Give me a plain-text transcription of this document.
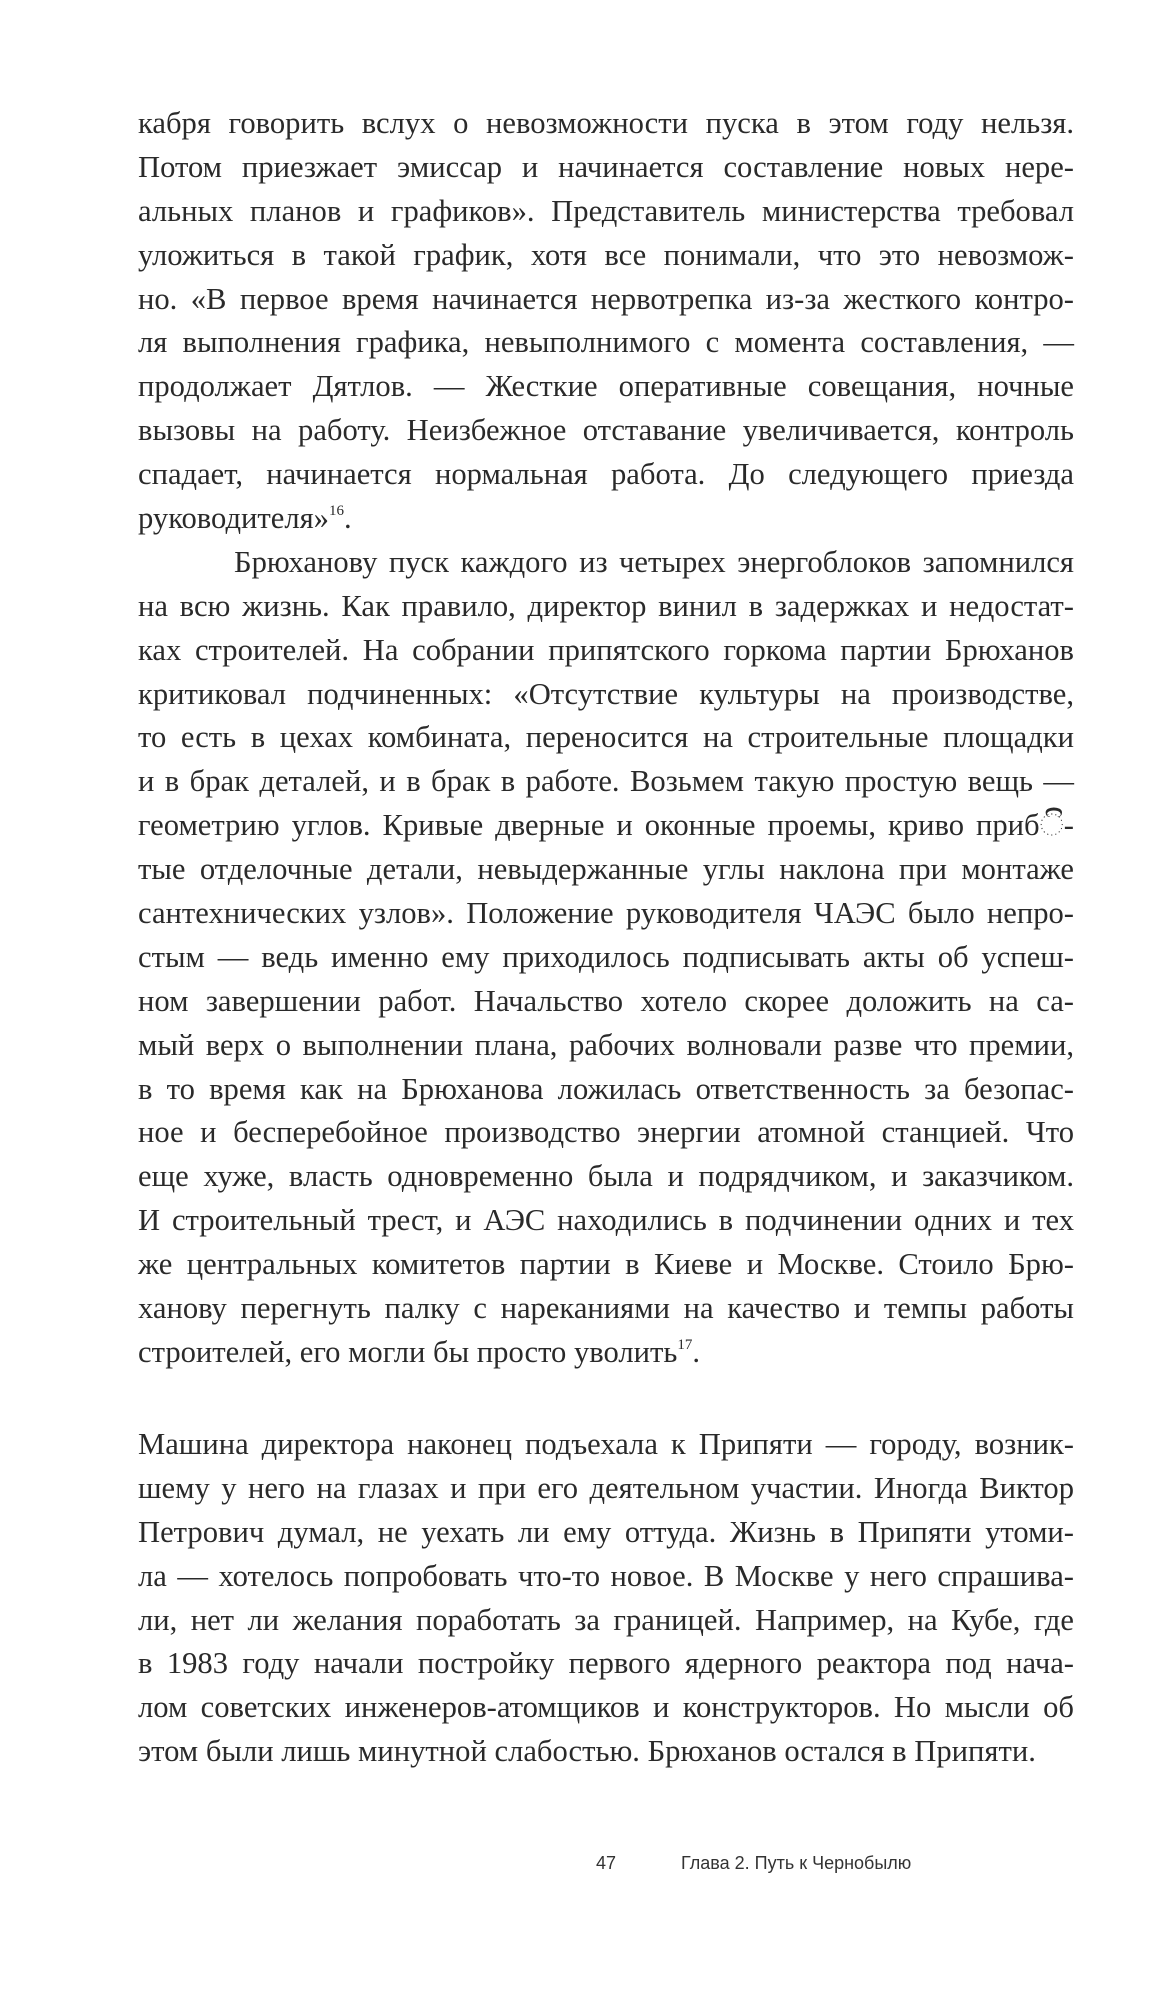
кабря говорить вслух о невозможности пуска в этом году нельзя.
Потом приезжает эмиссар и начинается составление новых нере-
альных планов и графиков». Представитель министерства требовал
уложиться в такой график, хотя все понимали, что это невозмож-
но. «В первое время начинается нервотрепка из-за жесткого контро-
ля выполнения графика, невыполнимого с момента составления, —
продолжает Дятлов. — Жесткие оперативные совещания, ночные
вызовы на работу. Неизбежное отставание увеличивается, контроль
спадает, начинается нормальная работа. До следующего приезда
руководителя»$^{16}$.
Брюханову пуск каждого из четырех энергоблоков запомнился
на всю жизнь. Как правило, директор винил в задержках и недостат-
ках строителей. На собрании припятского горкома партии Брюханов
критиковал подчиненных: «Отсутствие культуры на производстве,
то есть в цехах комбината, переносится на строительные площадки
и в брак деталей, и в брак в работе. Возьмем такую простую вещь —
геометрию углов. Кривые дверные и оконные проемы, криво прибි-
тые отделочные детали, невыдержанные углы наклона при монтаже
сантехнических узлов». Положение руководителя ЧАЭС было непро-
стым — ведь именно ему приходилось подписывать акты об успеш-
ном завершении работ. Начальство хотело скорее доложить на са-
мый верх о выполнении плана, рабочих волновали разве что премии,
в то время как на Брюханова ложилась ответственность за безопас-
ное и бесперебойное производство энергии атомной станцией. Что
еще хуже, власть одновременно была и подрядчиком, и заказчиком.
И строительный трест, и АЭС находились в подчинении одних и тех
же центральных комитетов партии в Киеве и Москве. Стоило Брю-
ханову перегнуть палку с нареканиями на качество и темпы работы
строителей, его могли бы просто уволить$^{17}$.
Машина директора наконец подъехала к Припяти — городу, возник-
шему у него на глазах и при его деятельном участии. Иногда Виктор
Петрович думал, не уехать ли ему оттуда. Жизнь в Припяти утоми-
ла — хотелось попробовать что-то новое. В Москве у него спрашива-
ли, нет ли желания поработать за границей. Например, на Кубе, где
в 1983 году начали постройку первого ядерного реактора под нача-
лом советских инженеров-атомщиков и конструкторов. Но мысли об
этом были лишь минутной слабостью. Брюханов остался в Припяти.
47	Глава 2. Путь к Чернобылю
